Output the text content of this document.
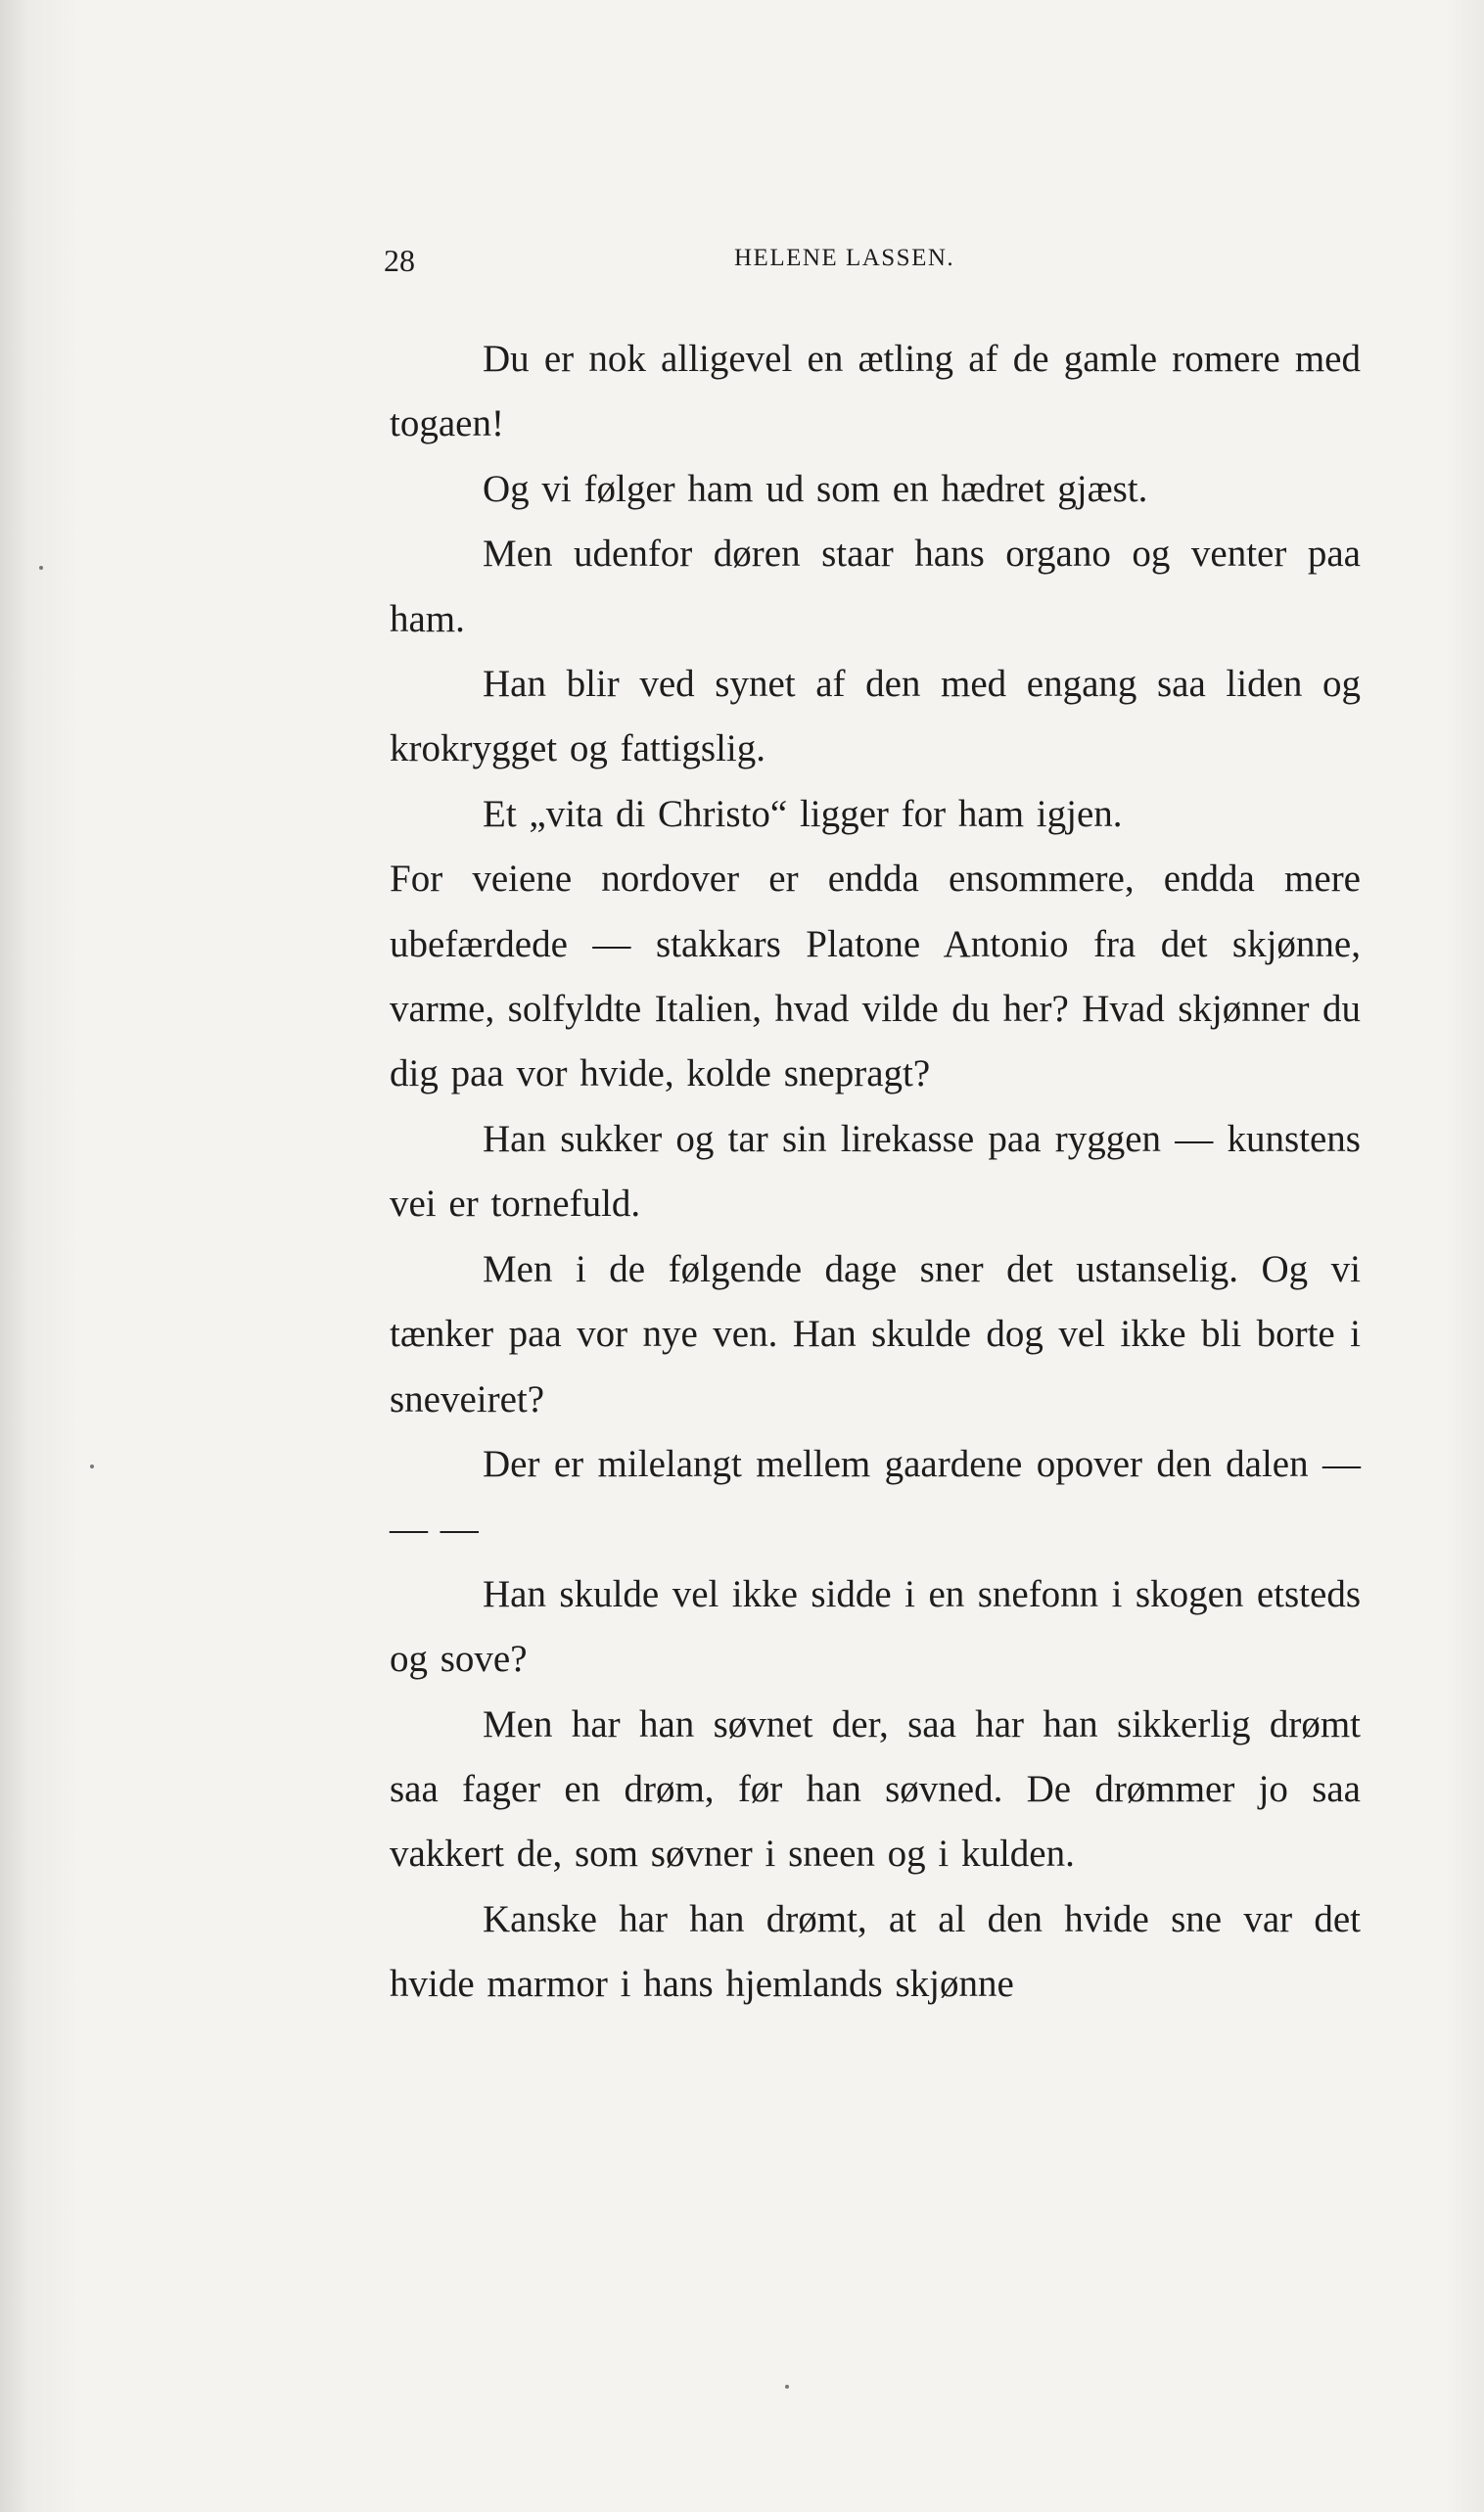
28	HELENE LASSEN.

Du er nok alligevel en ætling af de gamle romere med togaen!

Og vi følger ham ud som en hædret gjæst.

Men udenfor døren staar hans organo og venter paa ham.

Han blir ved synet af den med engang saa liden og krokrygget og fattigslig.

Et „vita di Christo“ ligger for ham igjen.

For veiene nordover er endda ensommere, endda mere ubefærdede — stakkars Platone Antonio fra det skjønne, varme, solfyldte Italien, hvad vilde du her? Hvad skjønner du dig paa vor hvide, kolde snepragt?

Han sukker og tar sin lirekasse paa ryggen — kunstens vei er tornefuld.

Men i de følgende dage sner det ustanselig. Og vi tænker paa vor nye ven. Han skulde dog vel ikke bli borte i sneveiret?

Der er milelangt mellem gaardene opover den dalen — — —

Han skulde vel ikke sidde i en snefonn i skogen etsteds og sove?

Men har han søvnet der, saa har han sikkerlig drømt saa fager en drøm, før han søvned. De drømmer jo saa vakkert de, som søvner i sneen og i kulden.

Kanske har han drømt, at al den hvide sne var det hvide marmor i hans hjemlands skjønne
